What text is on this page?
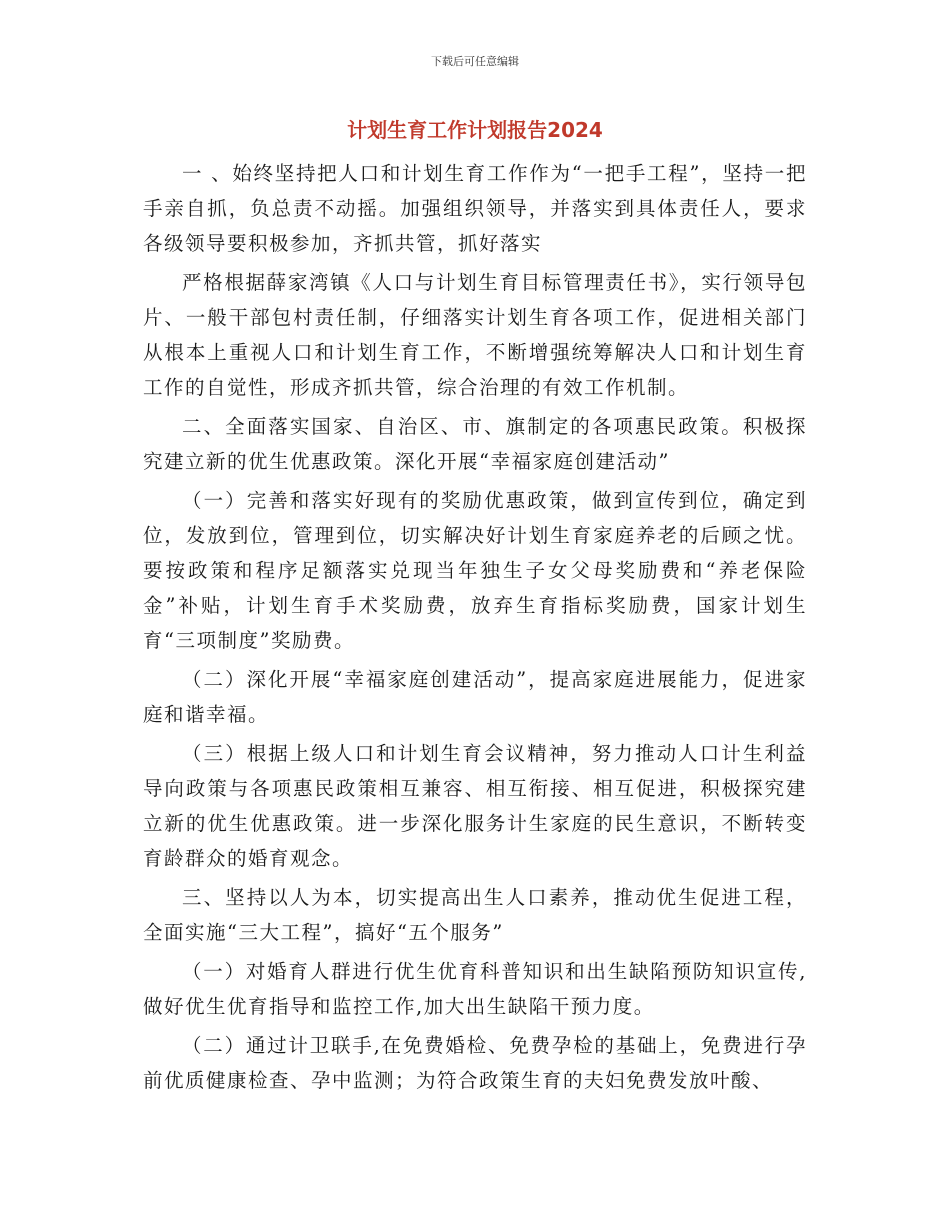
下载后可任意编辑
计划生育工作计划报告2024

一 、始终坚持把人口和计划生育工作作为“一把手工程”，坚持一把手亲自抓，负总责不动摇。加强组织领导，并落实到具体责任人，要求各级领导要积极参加，齐抓共管，抓好落实

严格根据薛家湾镇《人口与计划生育目标管理责任书》，实行领导包片、一般干部包村责任制，仔细落实计划生育各项工作，促进相关部门从根本上重视人口和计划生育工作，不断增强统筹解决人口和计划生育工作的自觉性，形成齐抓共管，综合治理的有效工作机制。

二、全面落实国家、自治区、市、旗制定的各项惠民政策。积极探究建立新的优生优惠政策。深化开展“幸福家庭创建活动”

（一）完善和落实好现有的奖励优惠政策，做到宣传到位，确定到位，发放到位，管理到位，切实解决好计划生育家庭养老的后顾之忧。要按政策和程序足额落实兑现当年独生子女父母奖励费和“养老保险金”补贴，计划生育手术奖励费，放弃生育指标奖励费，国家计划生育“三项制度”奖励费。

（二）深化开展“幸福家庭创建活动”，提高家庭进展能力，促进家庭和谐幸福。

（三）根据上级人口和计划生育会议精神，努力推动人口计生利益导向政策与各项惠民政策相互兼容、相互衔接、相互促进，积极探究建立新的优生优惠政策。进一步深化服务计生家庭的民生意识，不断转变育龄群众的婚育观念。

三、坚持以人为本，切实提高出生人口素养，推动优生促进工程，全面实施“三大工程”，搞好“五个服务”

（一）对婚育人群进行优生优育科普知识和出生缺陷预防知识宣传,做好优生优育指导和监控工作,加大出生缺陷干预力度。

（二）通过计卫联手,在免费婚检、免费孕检的基础上，免费进行孕前优质健康检查、孕中监测；为符合政策生育的夫妇免费发放叶酸、
